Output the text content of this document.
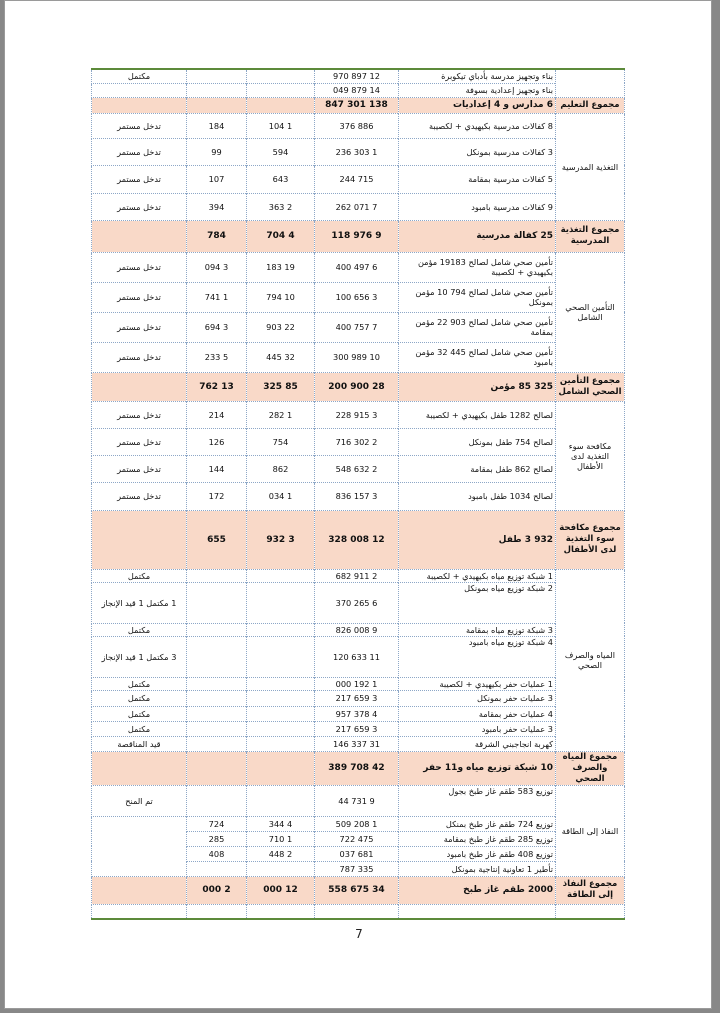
	بناء وتجهيز مدرسة بأدباي تيكوبرة	12 897 970			مكتمل
	بناء وتجهيز إعدادية بسوفة	14 879 049			
مجموع التعليم	6 مدارس و 4 إعداديات	138 301 847			
التغذية المدرسية	8 كفالات مدرسية بكيهيدي + لكصيبة	886 376	1 104	184	تدخل مستمر
	3 كفالات مدرسية بمونكل	1 303 236	594	99	تدخل مستمر
	5 كفالات مدرسية بمقامة	715 244	643	107	تدخل مستمر
	9 كفالات مدرسية بامبود	7 071 262	2 363	394	تدخل مستمر
مجموع التغذية المدرسية	25 كفالة مدرسية	9 976 118	4 704	784	
التأمين الصحي الشامل	تأمين صحي شامل لصالح 19183 مؤمن بكيهيدي + لكصيبة	6 497 400	19 183	3 094	تدخل مستمر
	تأمين صحي شامل لصالح 794 10 مؤمن بمونكل	3 656 100	10 794	1 741	تدخل مستمر
	تأمين صحي شامل لصالح 903 22 مؤمن بمقامة	7 757 400	22 903	3 694	تدخل مستمر
	تأمين صحي شامل لصالح 445 32 مؤمن بامبود	10 989 300	32 445	5 233	تدخل مستمر
مجموع التأمين الصحي الشامل	325 85 مؤمن	28 900 200	85 325	13 762	
مكافحة سوء التغذية لدى الأطفال	لصالح 1282 طفل بكيهيدي + لكصيبة	3 915 228	1 282	214	تدخل مستمر
	لصالح 754 طفل بمونكل	2 302 716	754	126	تدخل مستمر
	لصالح 862 طفل بمقامة	2 632 548	862	144	تدخل مستمر
	لصالح 1034 طفل بامبود	3 157 836	1 034	172	تدخل مستمر
مجموع مكافحة سوء التغذية لدى الأطفال	932 3 طفل	12 008 328	3 932	655	
المياه والصرف الصحي	1 شبكة توزيع مياه بكيهيدي + لكصيبة	2 911 682			مكتمل
	2 شبكة توزيع مياه بمونكل	6 265 370			1 مكتمل 1 قيد الإنجاز
	3 شبكة توزيع مياه بمقامة	9 008 826			مكتمل
	4 شبكة توزيع مياه بامبود	11 633 120			3 مكتمل 1 قيد الإنجاز
	1 عمليات حفر بكيهيدي + لكصيبة	1 192 000			مكتمل
	3 عمليات حفر بمونكل	3 659 217			مكتمل
	4 عمليات حفر بمقامة	4 378 957			مكتمل
	3 عمليات حفر بامبود	3 659 217			مكتمل
	كهربة انجاجبني الشرقة	31 337 146			قيد المناقصة
مجموع المياه والصرف الصحي	10 شبكة توزيع مياه و11 حفر	42 708 389			
النفاذ إلى الطاقة	توزيع 583 طقم غاز طبخ بجول	9 731 44			تم المنح
	توزيع 724 طقم غاز طبخ بمنكل	1 208 509	4 344	724	
	توزيع 285 طقم غاز طبخ بمقامة	475 722	1 710	285	
	توزيع 408 طقم غاز طبخ بامبود	681 037	2 448	408	
	تأطير 1 تعاونية إنتاجية بمونكل	335 787			
مجموع النفاذ إلى الطاقة	2000 طقم غاز طبخ	34 675 558	12 000	2 000	

7
